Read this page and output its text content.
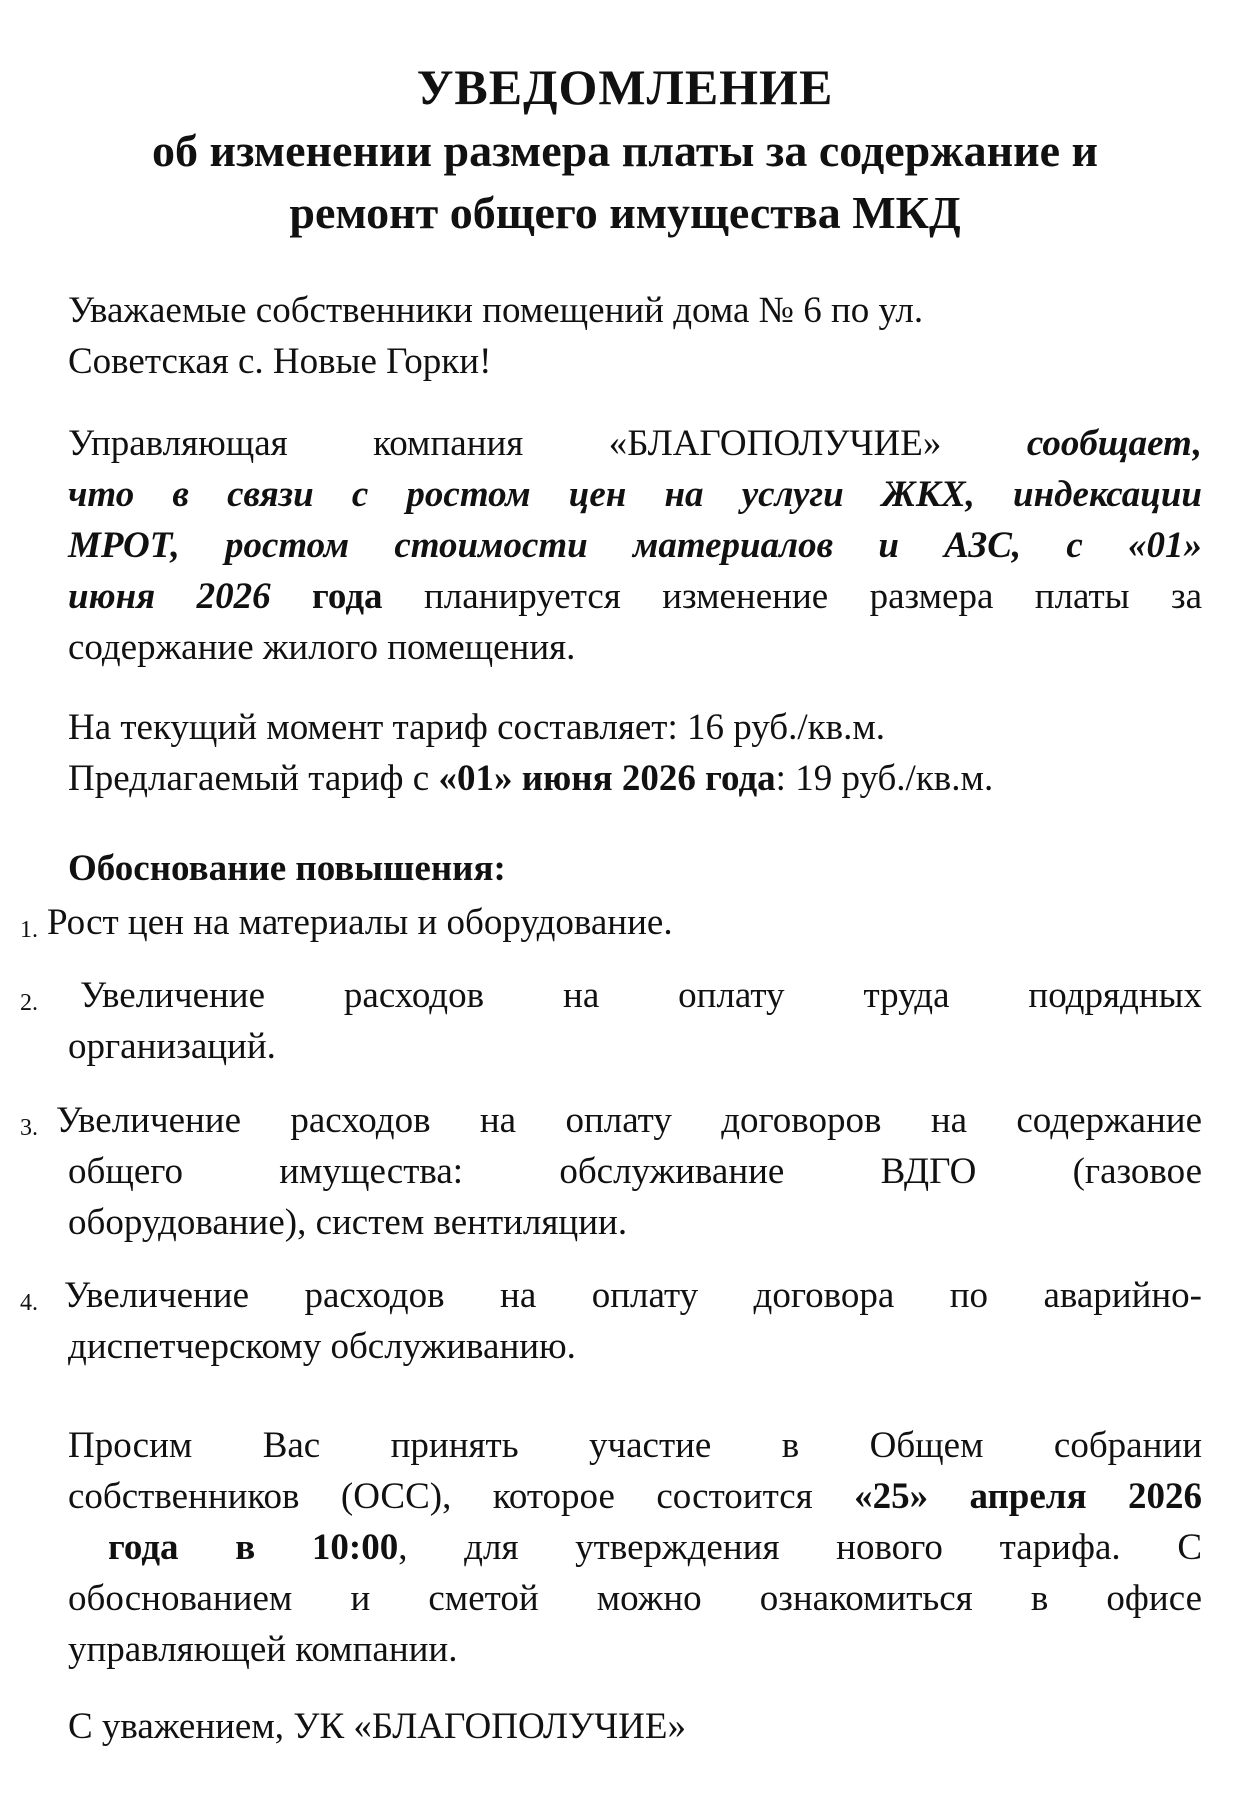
УВЕДОМЛЕНИЕ
об изменении размера платы за содержание и
ремонт общего имущества МКД
Уважаемые собственники помещений дома № 6 по ул.
Советская с. Новые Горки!
Управляющая компания «БЛАГОПОЛУЧИЕ» сообщает,
что в связи с ростом цен на услуги ЖКХ, индексации
МРОТ, ростом стоимости материалов и АЗС, с «01»
июня 2026 года планируется изменение размера платы за
содержание жилого помещения.
На текущий момент тариф составляет: 16 руб./кв.м.
Предлагаемый тариф с «01» июня 2026 года: 19 руб./кв.м.
Обоснование повышения:
1. Рост цен на материалы и оборудование.
2.	Увеличение расходов на оплату труда подрядных
организаций.
3. Увеличение расходов на оплату договоров на содержание
общего имущества: обслуживание ВДГО (газовое
оборудование), систем вентиляции.
4. Увеличение расходов на оплату договора по аварийно-
диспетчерскому обслуживанию.
Просим Вас принять участие в Общем собрании
собственников (ОСС), которое состоится «25» апреля 2026
года в 10:00, для утверждения нового тарифа. С
обоснованием и сметой можно ознакомиться в офисе
управляющей компании.
С уважением, УК «БЛАГОПОЛУЧИЕ»
